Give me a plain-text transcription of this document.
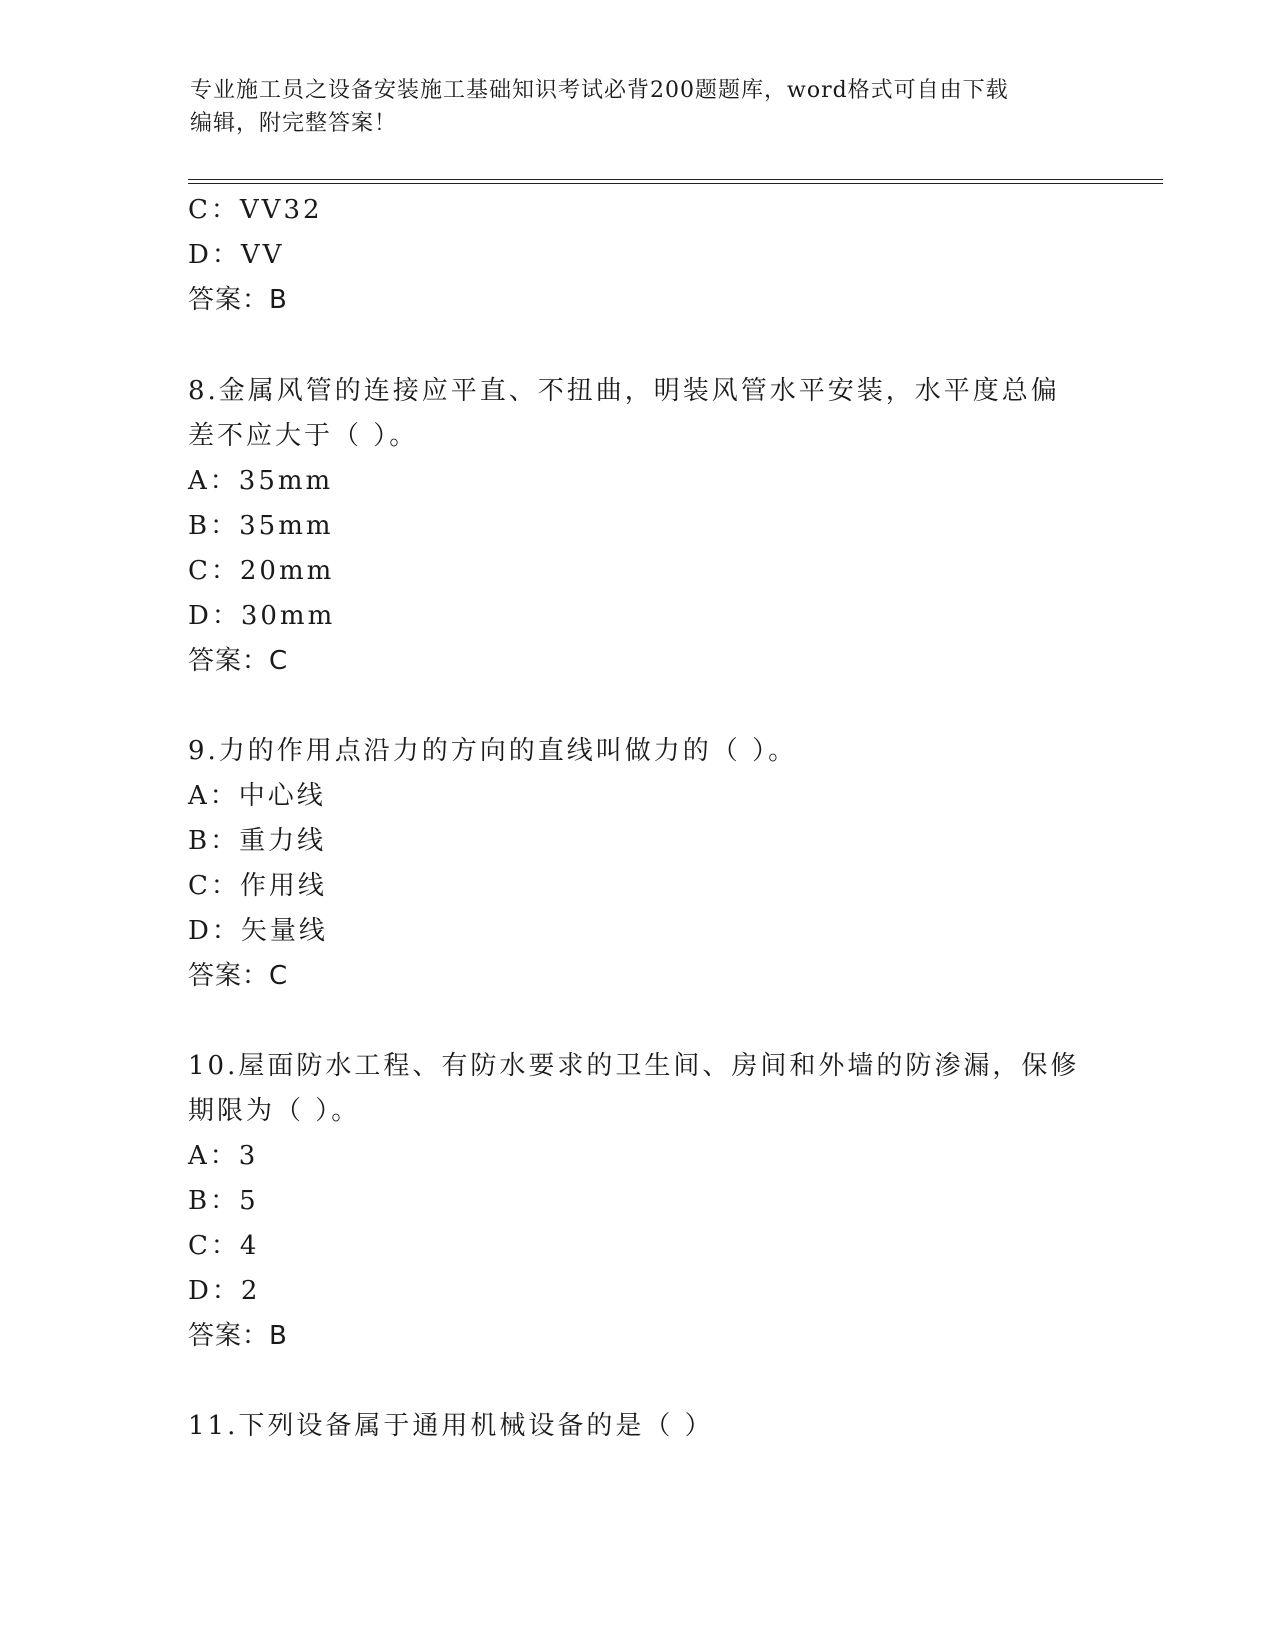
专业施工员之设备安装施工基础知识考试必背200题题库，word格式可自由下载
编辑，附完整答案！
C：VV32
D：VV
答案：B
8.金属风管的连接应平直、不扭曲，明装风管水平安装，水平度总偏
差不应大于（ ）。
A：35mm
B：35mm
C：20mm
D：30mm
答案：C
9.力的作用点沿力的方向的直线叫做力的（ ）。
A：中心线
B：重力线
C：作用线
D：矢量线
答案：C
10.屋面防水工程、有防水要求的卫生间、房间和外墙的防渗漏，保修
期限为（ ）。
A：3
B：5
C：4
D：2
答案：B
11.下列设备属于通用机械设备的是（ ）
